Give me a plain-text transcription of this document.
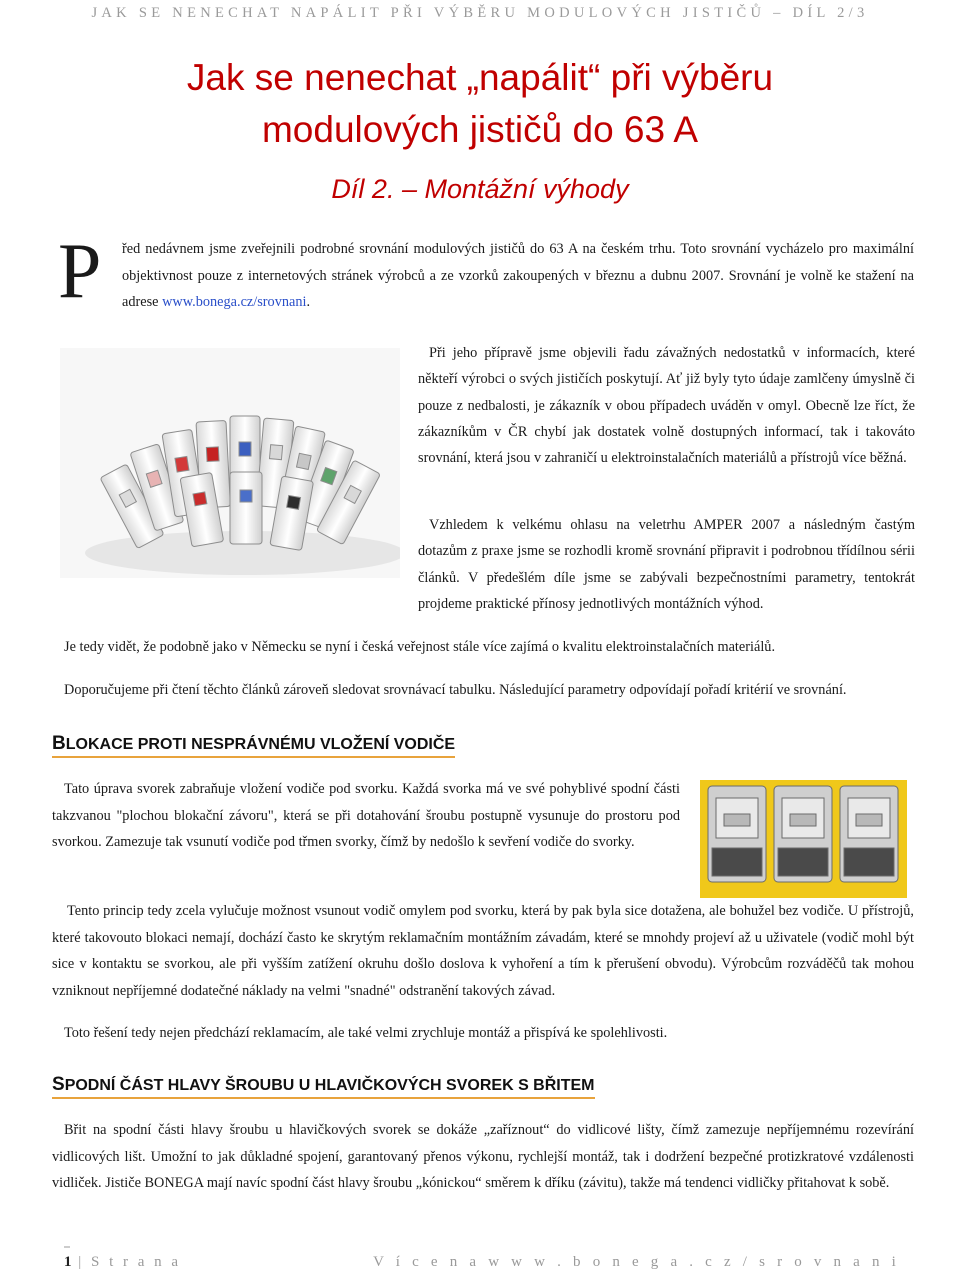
JAK SE NENECHAT NAPÁLIT PŘI VÝBĚRU MODULOVÝCH JISTIČŮ – DÍL 2/3
Jak se nenechat „napálit“ při výběru
modulových jističů do 63 A
Díl 2. – Montážní výhody
P řed nedávnem jsme zveřejnili podrobné srovnání modulových jističů do 63 A na českém trhu. Toto srovnání vycházelo pro maximální objektivnost pouze z internetových stránek výrobců a ze vzorků zakoupených v březnu a dubnu 2007. Srovnání je volně ke stažení na adrese www.bonega.cz/srovnani.

Při jeho přípravě jsme objevili řadu závažných nedostatků v informacích, které někteří výrobci o svých jističích poskytují. Ať již byly tyto údaje zamlčeny úmyslně či pouze z nedbalosti, je zákazník v obou případech uváděn v omyl. Obecně lze říct, že zákazníkům v ČR chybí jak dostatek volně dostupných informací, tak i takováto srovnání, která jsou v zahraničí u elektroinstalačních materiálů a přístrojů více běžná.

Vzhledem k velkému ohlasu na veletrhu AMPER 2007 a následným častým dotazům z praxe jsme se rozhodli kromě srovnání připravit i podrobnou třídílnou sérii článků. V předešlém díle jsme se zabývali bezpečnostními parametry, tentokrát projdeme praktické přínosy jednotlivých montážních výhod.

Je tedy vidět, že podobně jako v Německu se nyní i česká veřejnost stále více zajímá o kvalitu elektroinstalačních materiálů.

Doporučujeme při čtení těchto článků zároveň sledovat srovnávací tabulku. Následující parametry odpovídají pořadí kritérií ve srovnání.

BLOKACE PROTI NESPRÁVNÉMU VLOŽENÍ VODIČE

Tato úprava svorek zabraňuje vložení vodiče pod svorku. Každá svorka má ve své pohyblivé spodní části takzvanou "plochou blokační závoru", která se při dotahování šroubu postupně vysunuje do prostoru pod svorkou. Zamezuje tak vsunutí vodiče pod třmen svorky, čímž by nedošlo k sevření vodiče do svorky.

Tento princip tedy zcela vylučuje možnost vsunout vodič omylem pod svorku, která by pak byla sice dotažena, ale bohužel bez vodiče. U přístrojů, které takovouto blokaci nemají, dochází často ke skrytým reklamačním montážním závadám, které se mnohdy projeví až u uživatele (vodič mohl být sice v kontaktu se svorkou, ale při vyšším zatížení okruhu došlo doslova k vyhoření a tím k přerušení obvodu). Výrobcům rozváděčů tak mohou vzniknout nepříjemné dodatečné náklady na velmi "snadné" odstranění takových závad.

Toto řešení tedy nejen předchází reklamacím, ale také velmi zrychluje montáž a přispívá ke spolehlivosti.

SPODNÍ ČÁST HLAVY ŠROUBU U HLAVIČKOVÝCH SVOREK S BŘITEM

Břit na spodní části hlavy šroubu u hlavičkových svorek se dokáže „zaříznout“ do vidlicové lišty, čímž zamezuje nepříjemnému rozevírání vidlicových lišt. Umožní to jak důkladné spojení, garantovaný přenos výkonu, rychlejší montáž, tak i dodržení bezpečné protizkratové vzdálenosti vidliček. Jističe BONEGA mají navíc spodní část hlavy šroubu „kónickou“ směrem k dříku (závitu), takže má tendenci vidličky přitahovat k sobě.

1 | S t r a n a	V í c e n a w w w . b o n e g a . c z / s r o v n a n i
